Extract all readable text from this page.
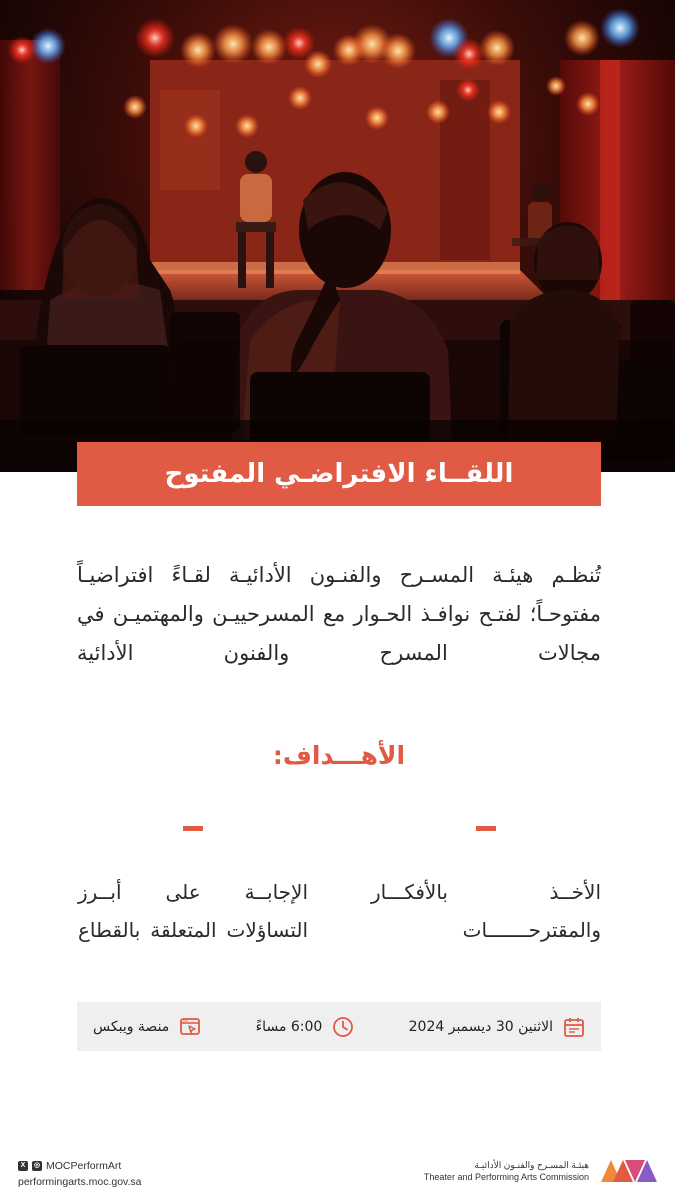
اللقــاء الافتراضـي المفتوح

تُنظـم هيئـة المسـرح والفنـون الأدائيـة لقـاءً افتراضيـاً مفتوحـاً؛ لفتـح نوافـذ الحـوار مع المسرحييـن والمهتميـن في مجالات المسرح والفنون الأدائية

الأهـــداف:

الأخــذ بالأفكـــار والمقترحـــــــات

الإجابــة على أبــرز التساؤلات المتعلقة بالقطاع

الاثنين 30 ديسمبر 2024
6:00 مساءً
منصة ويبكس
X	◎ MOCPerformArt
performingarts.moc.gov.sa
هيئـة المسـرح والفنـون الأدائيـة
Theater and Performing Arts Commission
